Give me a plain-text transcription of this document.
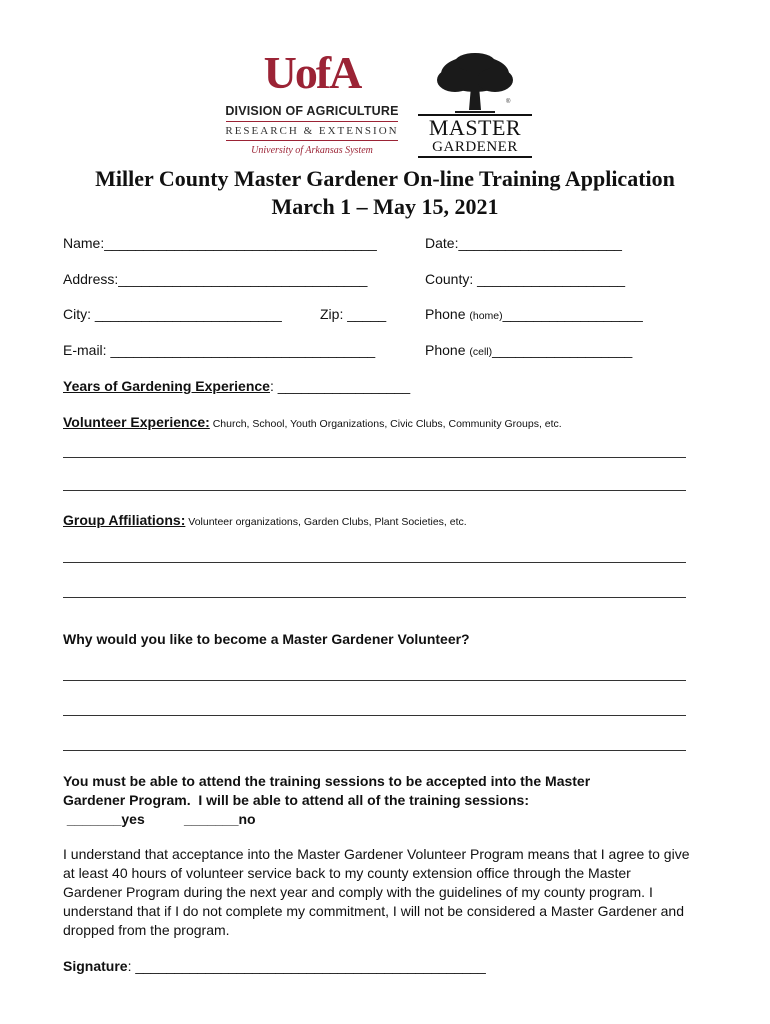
UofA
DIVISION OF AGRICULTURE
RESEARCH & EXTENSION
University of Arkansas System
MASTER
GARDENER
®
Miller County Master Gardener On-line Training Application
March 1 – May 15, 2021
Name:___________________________________	Date:_____________________
Address:________________________________	County: ___________________
City: ________________________	Zip: _____	Phone (home)__________________
E-mail: __________________________________	Phone (cell)__________________
Years of Gardening Experience: _________________
Volunteer Experience: Church, School, Youth Organizations, Civic Clubs, Community Groups, etc.
Group Affiliations: Volunteer organizations, Garden Clubs, Plant Societies, etc.
Why would you like to become a Master Gardener Volunteer?
You must be able to attend the training sessions to be accepted into the Master
Gardener Program.  I will be able to attend all of the training sessions:
_______yes	_______no
I understand that acceptance into the Master Gardener Volunteer Program means that I agree to give at least 40 hours of volunteer service back to my county extension office through the Master Gardener Program during the next year and comply with the guidelines of my county program. I understand that if I do not complete my commitment, I will not be considered a Master Gardener and dropped from the program.
Signature: _____________________________________________
